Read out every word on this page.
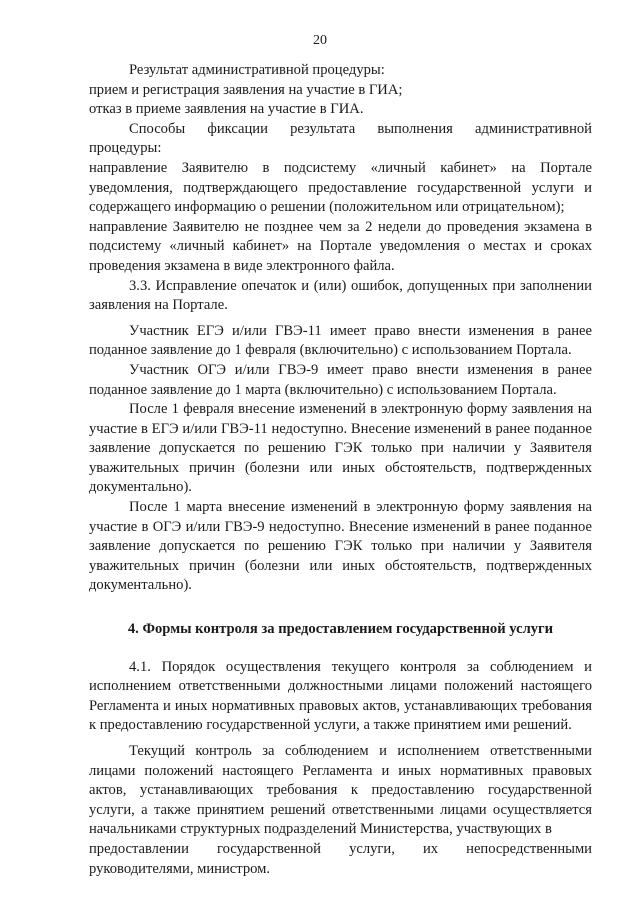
20

Результат административной процедуры:

прием и регистрация заявления на участие в ГИА;

отказ в приеме заявления на участие в ГИА.

Способы фиксации результата выполнения административной

процедуры:

направление Заявителю в подсистему «личный кабинет» на Портале уведомления, подтверждающего предоставление государственной услуги и содержащего информацию о решении (положительном или отрицательном);

направление Заявителю не позднее чем за 2 недели до проведения экзамена в подсистему «личный кабинет» на Портале уведомления о местах и сроках проведения экзамена в виде электронного файла.

3.3. Исправление опечаток и (или) ошибок, допущенных при заполнении заявления на Портале.

Участник ЕГЭ и/или ГВЭ-11 имеет право внести изменения в ранее поданное заявление до 1 февраля (включительно) с использованием Портала.

Участник ОГЭ и/или ГВЭ-9 имеет право внести изменения в ранее поданное заявление до 1 марта (включительно) с использованием Портала.

После 1 февраля внесение изменений в электронную форму заявления на участие в ЕГЭ и/или ГВЭ-11 недоступно. Внесение изменений в ранее поданное заявление допускается по решению ГЭК только при наличии у Заявителя уважительных причин (болезни или иных обстоятельств, подтвержденных документально).

После 1 марта внесение изменений в электронную форму заявления на участие в ОГЭ и/или ГВЭ-9 недоступно. Внесение изменений в ранее поданное заявление допускается по решению ГЭК только при наличии у Заявителя уважительных причин (болезни или иных обстоятельств, подтвержденных документально).

4. Формы контроля за предоставлением государственной услуги

4.1. Порядок осуществления текущего контроля за соблюдением и исполнением ответственными должностными лицами положений настоящего Регламента и иных нормативных правовых актов, устанавливающих требования к предоставлению государственной услуги, а также принятием ими решений.

Текущий контроль за соблюдением и исполнением ответственными лицами положений настоящего Регламента и иных нормативных правовых актов, устанавливающих требования к предоставлению государственной услуги, а также принятием решений ответственными лицами осуществляется начальниками структурных подразделений Министерства, участвующих в

предоставлении государственной услуги, их непосредственными

руководителями, министром.
